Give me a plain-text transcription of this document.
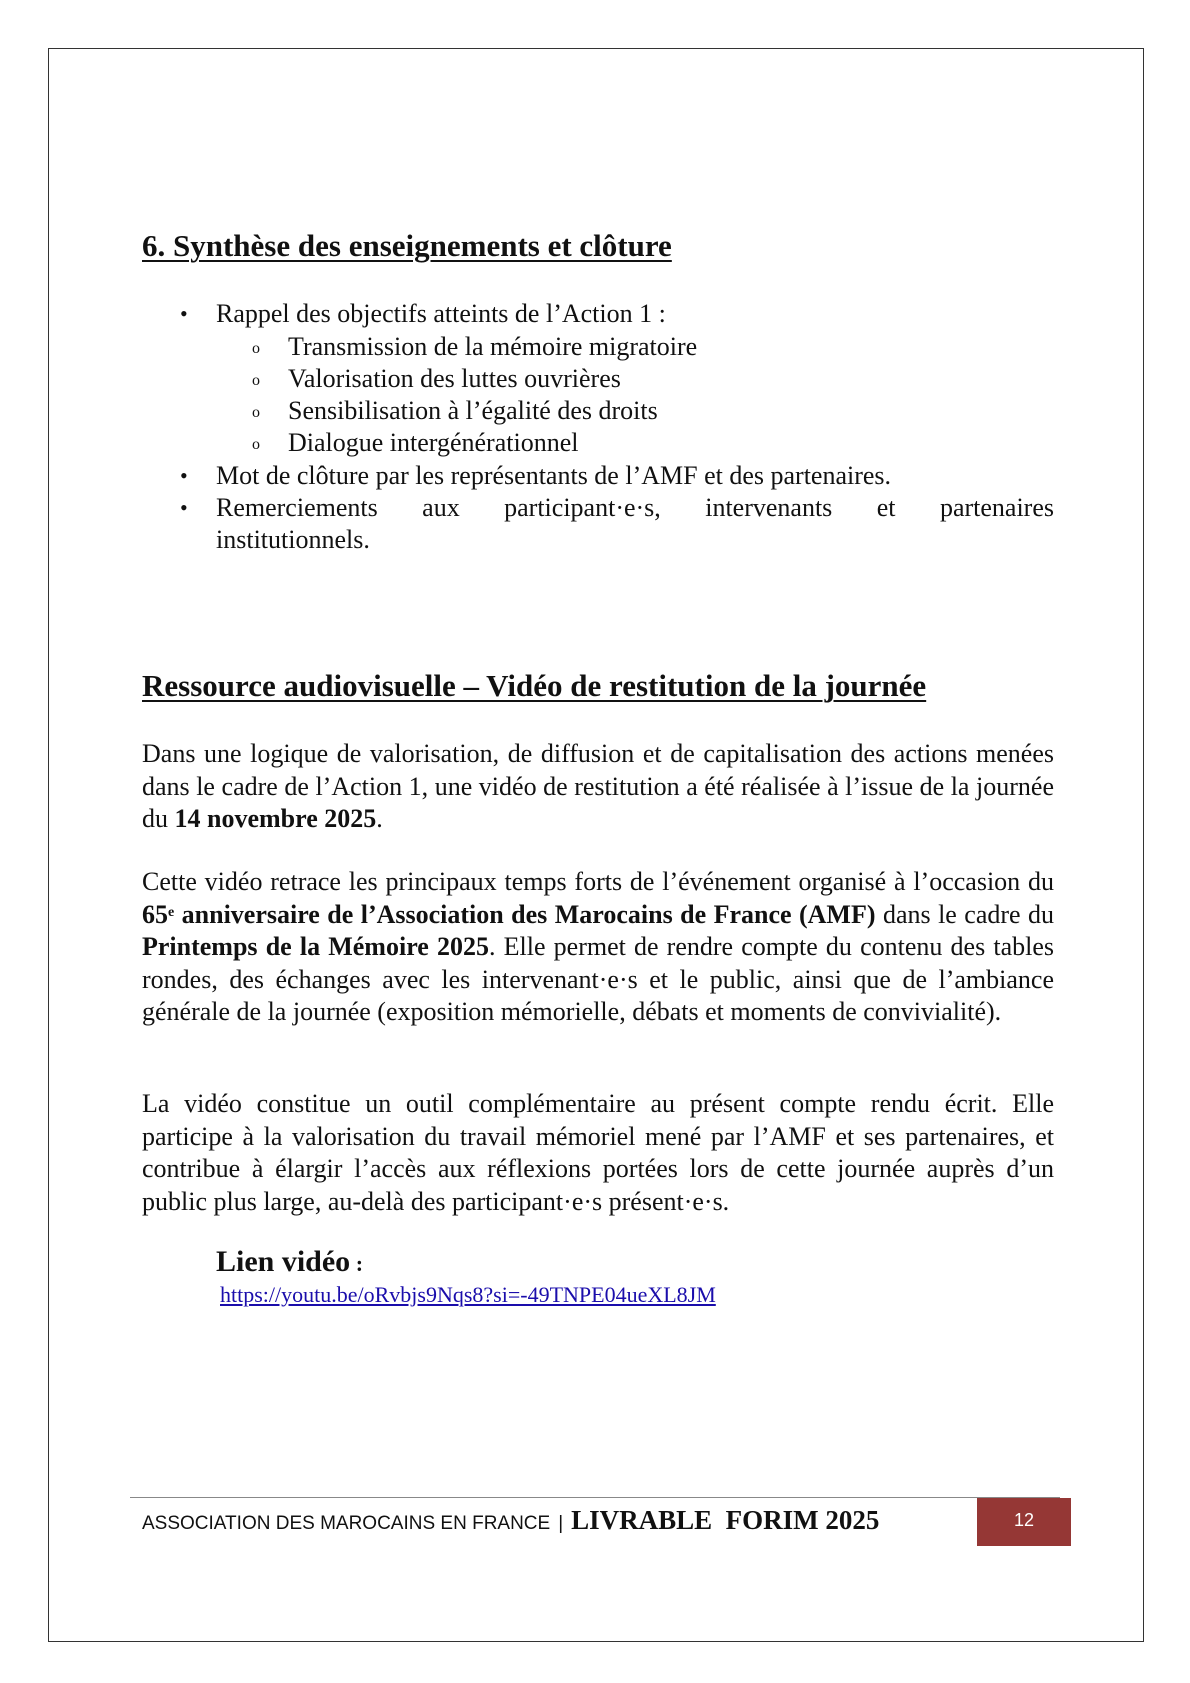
6. Synthèse des enseignements et clôture
• Rappel des objectifs atteints de l’Action 1 :
o Transmission de la mémoire migratoire
o Valorisation des luttes ouvrières
o Sensibilisation à l’égalité des droits
o Dialogue intergénérationnel
• Mot de clôture par les représentants de l’AMF et des partenaires.
• Remerciements aux participant·e·s, intervenants et partenaires
institutionnels.
Ressource audiovisuelle – Vidéo de restitution de la journée
Dans une logique de valorisation, de diffusion et de capitalisation des actions menées dans le cadre de l’Action 1, une vidéo de restitution a été réalisée à l’issue de la journée du 14 novembre 2025.
Cette vidéo retrace les principaux temps forts de l’événement organisé à l’occasion du 65e anniversaire de l’Association des Marocains de France (AMF) dans le cadre du Printemps de la Mémoire 2025. Elle permet de rendre compte du contenu des tables rondes, des échanges avec les intervenant·e·s et le public, ainsi que de l’ambiance générale de la journée (exposition mémorielle, débats et moments de convivialité).
La vidéo constitue un outil complémentaire au présent compte rendu écrit. Elle participe à la valorisation du travail mémoriel mené par l’AMF et ses partenaires, et contribue à élargir l’accès aux réflexions portées lors de cette journée auprès d’un public plus large, au-delà des participant·e·s présent·e·s.
Lien vidéo :
https://youtu.be/oRvbjs9Nqs8?si=-49TNPE04ueXL8JM
ASSOCIATION DES MAROCAINS EN FRANCE | LIVRABLE  FORIM 2025	12
